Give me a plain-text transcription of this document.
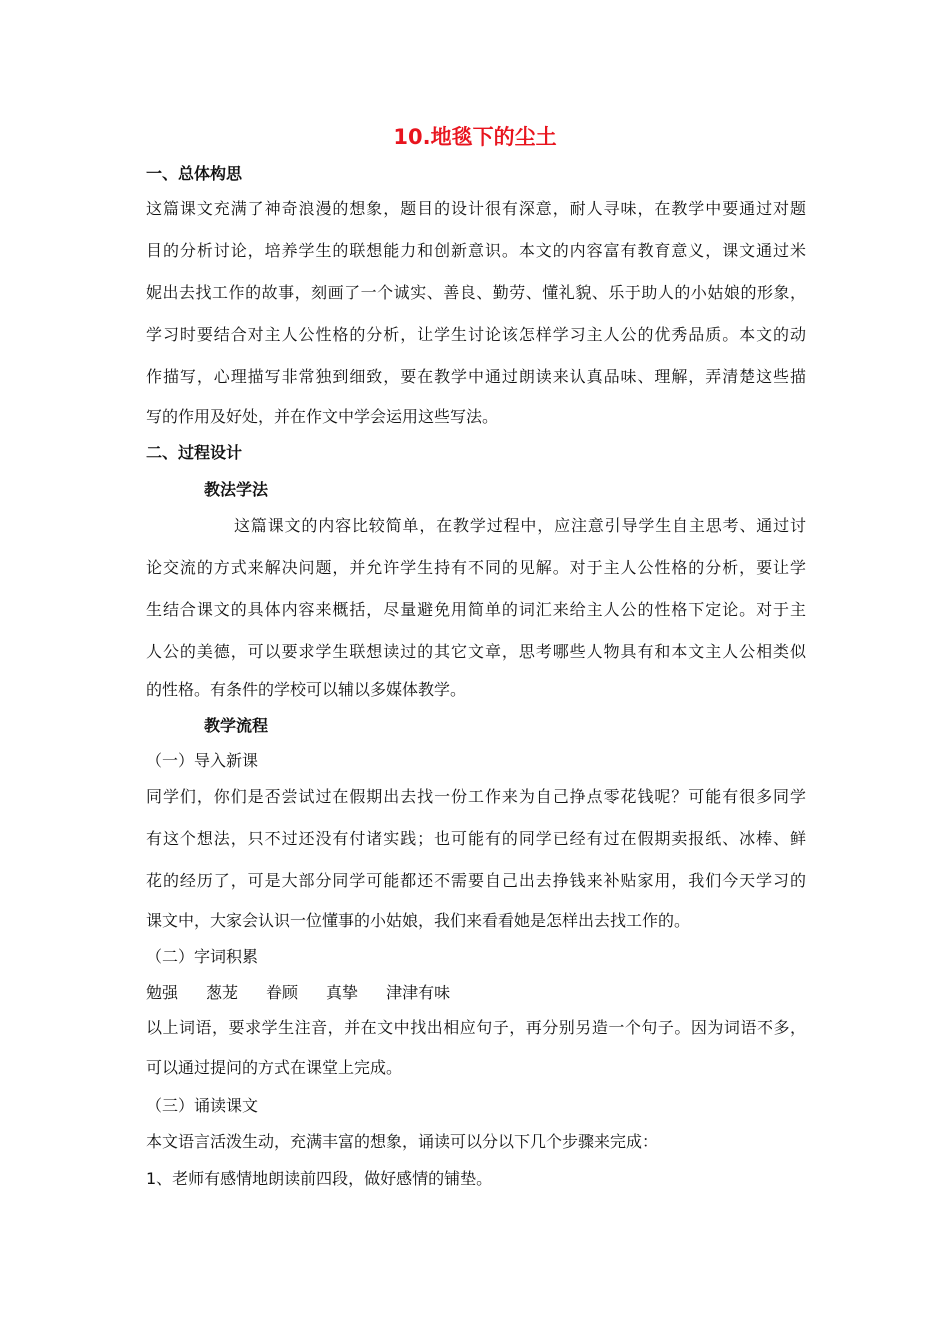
10.地毯下的尘土
一、总体构思
这篇课文充满了神奇浪漫的想象，题目的设计很有深意，耐人寻味，在教学中要通过对题
目的分析讨论，培养学生的联想能力和创新意识。本文的内容富有教育意义，课文通过米
妮出去找工作的故事，刻画了一个诚实、善良、勤劳、懂礼貌、乐于助人的小姑娘的形象，
学习时要结合对主人公性格的分析，让学生讨论该怎样学习主人公的优秀品质。本文的动
作描写，心理描写非常独到细致，要在教学中通过朗读来认真品味、理解，弄清楚这些描
写的作用及好处，并在作文中学会运用这些写法。
二、过程设计
教法学法
这篇课文的内容比较简单，在教学过程中，应注意引导学生自主思考、通过讨
论交流的方式来解决问题，并允许学生持有不同的见解。对于主人公性格的分析，要让学
生结合课文的具体内容来概括，尽量避免用简单的词汇来给主人公的性格下定论。对于主
人公的美德，可以要求学生联想读过的其它文章，思考哪些人物具有和本文主人公相类似
的性格。有条件的学校可以辅以多媒体教学。
教学流程
（一）导入新课
同学们，你们是否尝试过在假期出去找一份工作来为自己挣点零花钱呢？可能有很多同学
有这个想法，只不过还没有付诸实践；也可能有的同学已经有过在假期卖报纸、冰棒、鲜
花的经历了，可是大部分同学可能都还不需要自己出去挣钱来补贴家用，我们今天学习的
课文中，大家会认识一位懂事的小姑娘，我们来看看她是怎样出去找工作的。
（二）字词积累
勉强 葱茏 眷顾 真挚 津津有味
以上词语，要求学生注音，并在文中找出相应句子，再分别另造一个句子。因为词语不多，
可以通过提问的方式在课堂上完成。
（三）诵读课文
本文语言活泼生动，充满丰富的想象，诵读可以分以下几个步骤来完成：
1、老师有感情地朗读前四段，做好感情的铺垫。
